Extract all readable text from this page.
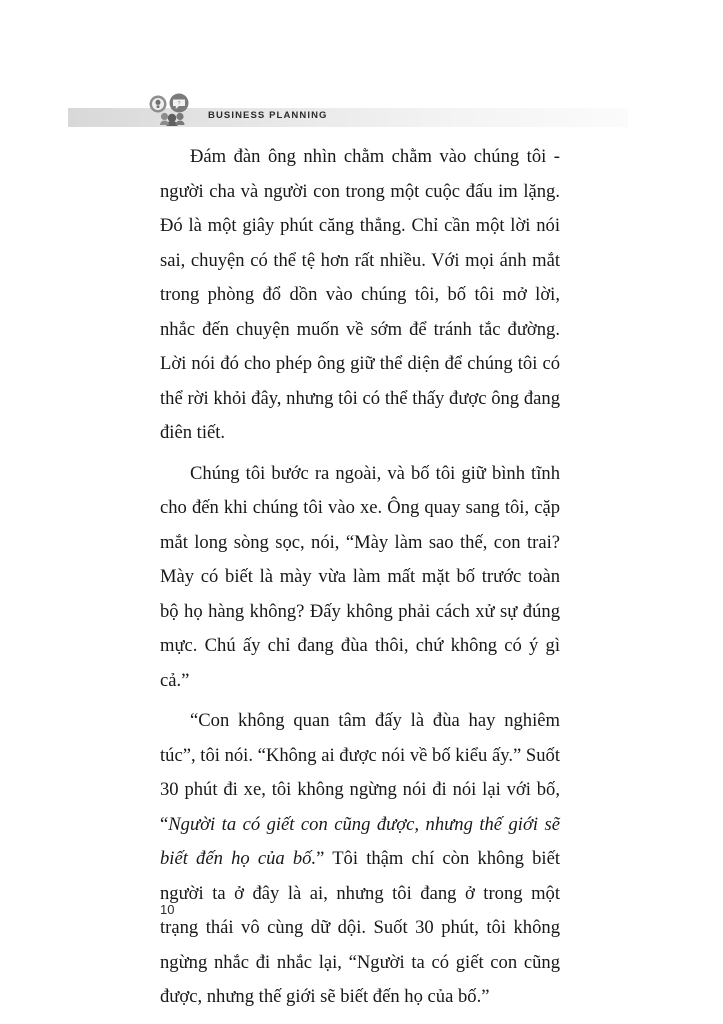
?
BUSINESS PLANNING

Đám đàn ông nhìn chằm chằm vào chúng tôi - người cha và người con trong một cuộc đấu im lặng. Đó là một giây phút căng thẳng. Chỉ cần một lời nói sai, chuyện có thể tệ hơn rất nhiều. Với mọi ánh mắt trong phòng đổ dồn vào chúng tôi, bố tôi mở lời, nhắc đến chuyện muốn về sớm để tránh tắc đường. Lời nói đó cho phép ông giữ thể diện để chúng tôi có thể rời khỏi đây, nhưng tôi có thể thấy được ông đang điên tiết.

Chúng tôi bước ra ngoài, và bố tôi giữ bình tĩnh cho đến khi chúng tôi vào xe. Ông quay sang tôi, cặp mắt long sòng sọc, nói, “Mày làm sao thế, con trai? Mày có biết là mày vừa làm mất mặt bố trước toàn bộ họ hàng không? Đấy không phải cách xử sự đúng mực. Chú ấy chỉ đang đùa thôi, chứ không có ý gì cả.”

“Con không quan tâm đấy là đùa hay nghiêm túc”, tôi nói. “Không ai được nói về bố kiểu ấy.” Suốt 30 phút đi xe, tôi không ngừng nói đi nói lại với bố, “Người ta có giết con cũng được, nhưng thế giới sẽ biết đến họ của bố.” Tôi thậm chí còn không biết người ta ở đây là ai, nhưng tôi đang ở trong một trạng thái vô cùng dữ dội. Suốt 30 phút, tôi không ngừng nhắc đi nhắc lại, “Người ta có giết con cũng được, nhưng thế giới sẽ biết đến họ của bố.”

10
